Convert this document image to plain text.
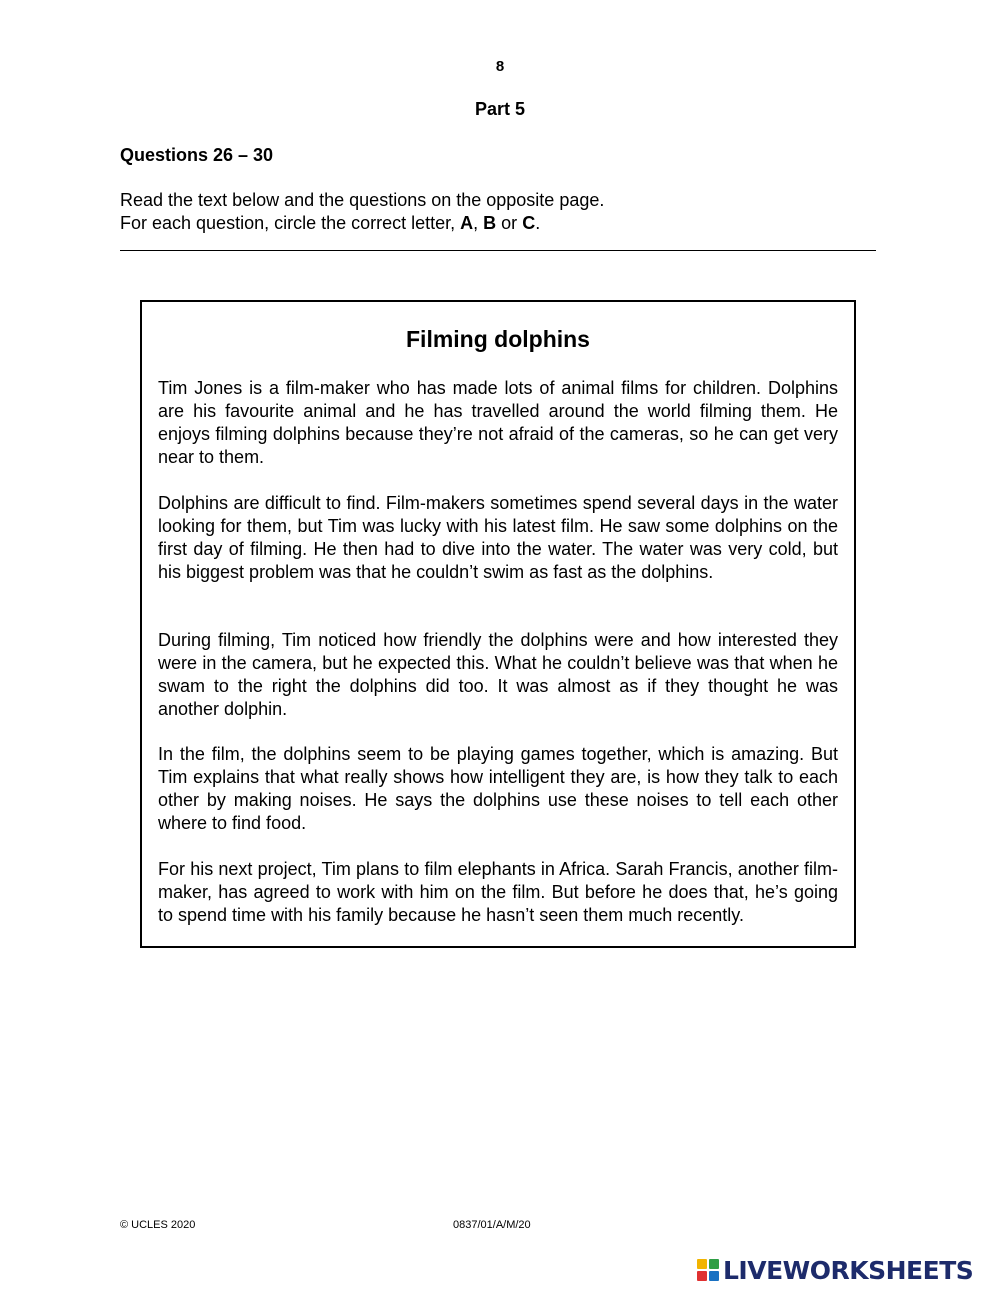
8
Part 5
Questions 26 – 30
Read the text below and the questions on the opposite page.
For each question, circle the correct letter, A, B or C.
Filming dolphins
Tim Jones is a film-maker who has made lots of animal films for children. Dolphins are his favourite animal and he has travelled around the world filming them. He enjoys filming dolphins because they’re not afraid of the cameras, so he can get very near to them.
Dolphins are difficult to find. Film-makers sometimes spend several days in the water looking for them, but Tim was lucky with his latest film. He saw some dolphins on the first day of filming. He then had to dive into the water. The water was very cold, but his biggest problem was that he couldn’t swim as fast as the dolphins.
During filming, Tim noticed how friendly the dolphins were and how interested they were in the camera, but he expected this. What he couldn’t believe was that when he swam to the right the dolphins did too. It was almost as if they thought he was another dolphin.
In the film, the dolphins seem to be playing games together, which is amazing. But Tim explains that what really shows how intelligent they are, is how they talk to each other by making noises. He says the dolphins use these noises to tell each other where to find food.
For his next project, Tim plans to film elephants in Africa. Sarah Francis, another film-maker, has agreed to work with him on the film. But before he does that, he’s going to spend time with his family because he hasn’t seen them much recently.
© UCLES 2020	0837/01/A/M/20
LIVEWORKSHEETS
